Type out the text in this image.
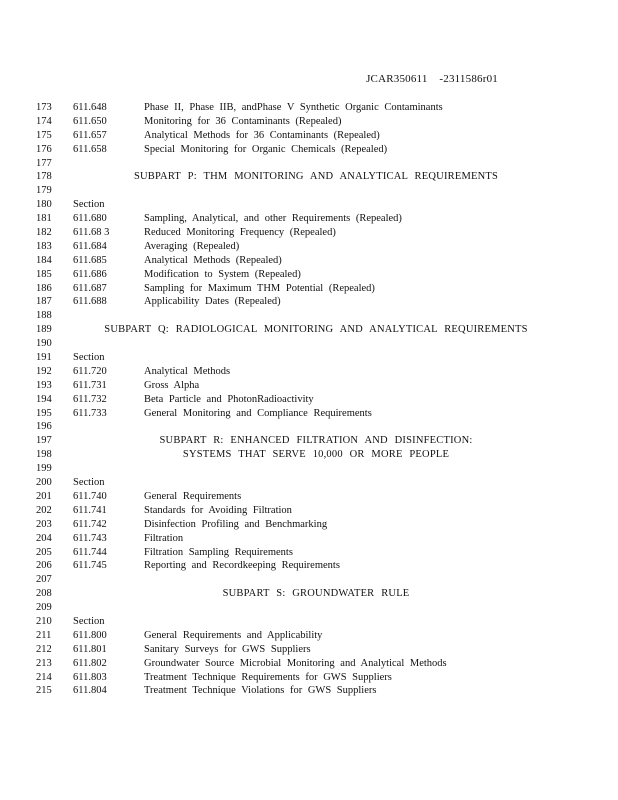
JCAR350611 -2311586r01
173	611.648	Phase II, Phase IIB, andPhase V Synthetic Organic Contaminants
174	611.650	Monitoring for 36 Contaminants (Repealed)
175	611.657	Analytical Methods for 36 Contaminants (Repealed)
176	611.658	Special Monitoring for Organic Chemicals (Repealed)
177
178	SUBPART P: THM MONITORING AND ANALYTICAL REQUIREMENTS
179
180	Section
181	611.680	Sampling, Analytical, and other Requirements (Repealed)
182	611.68 3	Reduced Monitoring Frequency (Repealed)
183	611.684	Averaging (Repealed)
184	611.685	Analytical Methods (Repealed)
185	611.686	Modification to System (Repealed)
186	611.687	Sampling for Maximum THM Potential (Repealed)
187	611.688	Applicability Dates (Repealed)
188
189	SUBPART Q: RADIOLOGICAL MONITORING AND ANALYTICAL REQUIREMENTS
190
191	Section
192	611.720	Analytical Methods
193	611.731	Gross Alpha
194	611.732	Beta Particle and PhotonRadioactivity
195	611.733	General Monitoring and Compliance Requirements
196
197	SUBPART R: ENHANCED FILTRATION AND DISINFECTION:
198	SYSTEMS THAT SERVE 10,000 OR MORE PEOPLE
199
200	Section
201	611.740	General Requirements
202	611.741	Standards for Avoiding Filtration
203	611.742	Disinfection Profiling and Benchmarking
204	611.743	Filtration
205	611.744	Filtration Sampling Requirements
206	611.745	Reporting and Recordkeeping Requirements
207
208	SUBPART S: GROUNDWATER RULE
209
210	Section
211	611.800	General Requirements and Applicability
212	611.801	Sanitary Surveys for GWS Suppliers
213	611.802	Groundwater Source Microbial Monitoring and Analytical Methods
214	611.803	Treatment Technique Requirements for GWS Suppliers
215	611.804	Treatment Technique Violations for GWS Suppliers
